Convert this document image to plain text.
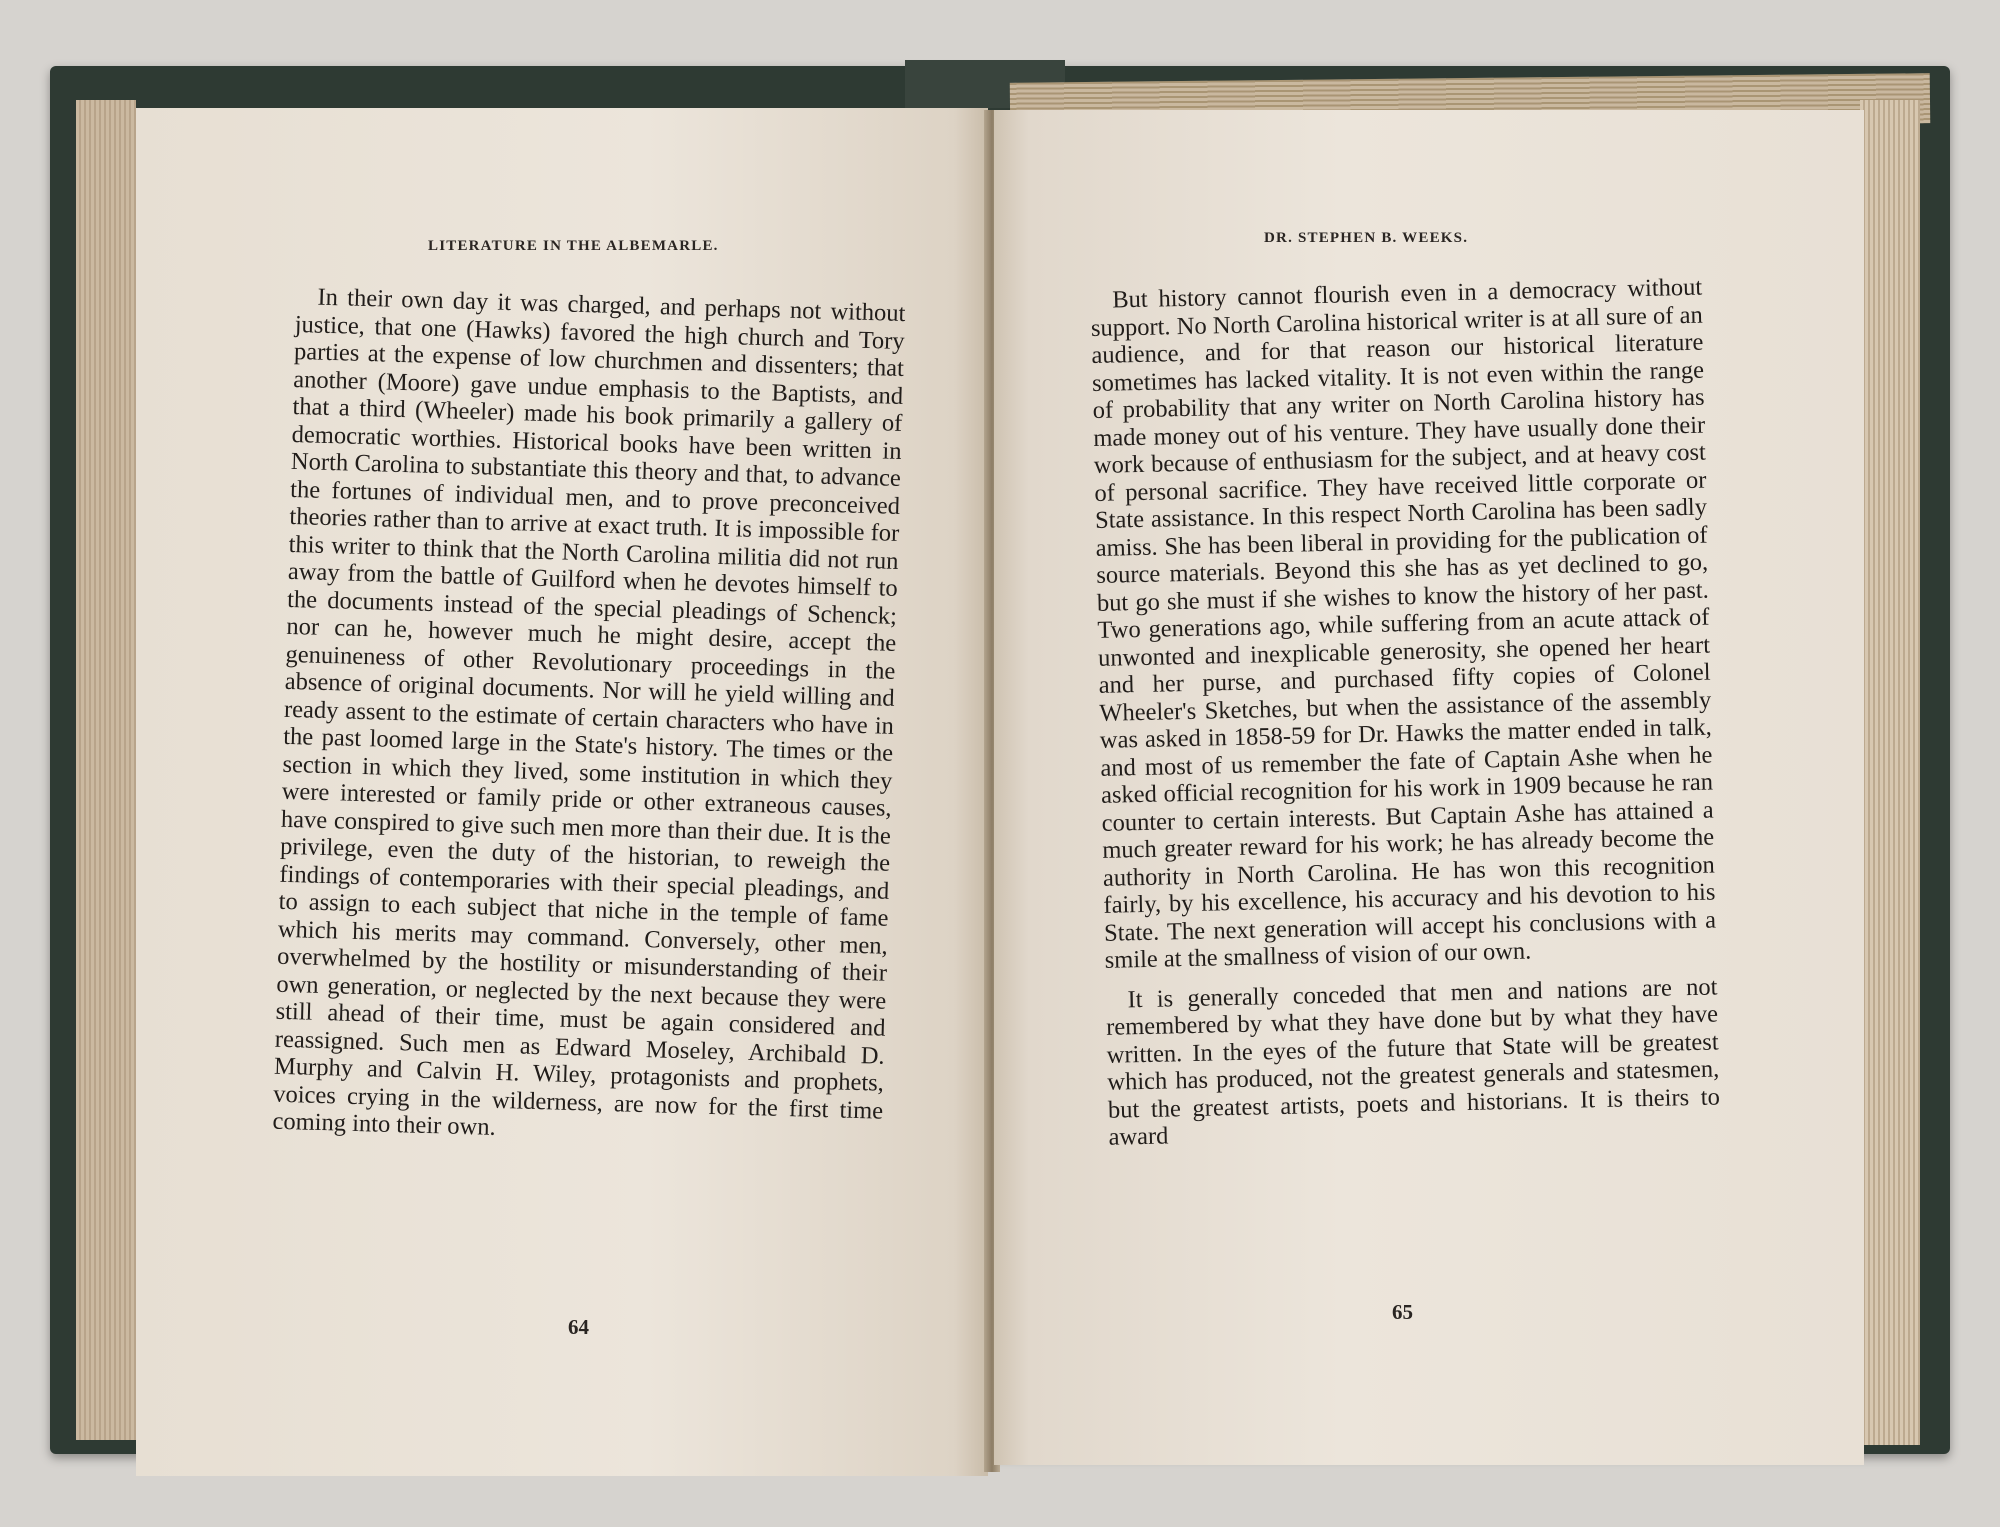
LITERATURE IN THE ALBEMARLE.

In their own day it was charged, and perhaps not without justice, that one (Hawks) favored the high church and Tory parties at the expense of low churchmen and dissenters; that another (Moore) gave undue emphasis to the Baptists, and that a third (Wheeler) made his book primarily a gallery of democratic worthies. Historical books have been written in North Carolina to substantiate this theory and that, to advance the fortunes of individual men, and to prove preconceived theories rather than to arrive at exact truth. It is impossible for this writer to think that the North Carolina militia did not run away from the battle of Guilford when he devotes himself to the documents instead of the special pleadings of Schenck; nor can he, however much he might desire, accept the genuineness of other Revolutionary proceedings in the absence of original documents. Nor will he yield willing and ready assent to the estimate of certain characters who have in the past loomed large in the State's history. The times or the section in which they lived, some institution in which they were interested or family pride or other extraneous causes, have conspired to give such men more than their due. It is the privilege, even the duty of the historian, to reweigh the findings of contemporaries with their special pleadings, and to assign to each subject that niche in the temple of fame which his merits may command. Conversely, other men, overwhelmed by the hostility or misunderstanding of their own generation, or neglected by the next because they were still ahead of their time, must be again considered and reassigned. Such men as Edward Moseley, Archibald D. Murphy and Calvin H. Wiley, protagonists and prophets, voices crying in the wilderness, are now for the first time coming into their own.

64
DR. STEPHEN B. WEEKS.

But history cannot flourish even in a democracy without support. No North Carolina historical writer is at all sure of an audience, and for that reason our historical literature sometimes has lacked vitality. It is not even within the range of probability that any writer on North Carolina history has made money out of his venture. They have usually done their work because of enthusiasm for the subject, and at heavy cost of personal sacrifice. They have received little corporate or State assistance. In this respect North Carolina has been sadly amiss. She has been liberal in providing for the publication of source materials. Beyond this she has as yet declined to go, but go she must if she wishes to know the history of her past. Two generations ago, while suffering from an acute attack of unwonted and inexplicable generosity, she opened her heart and her purse, and purchased fifty copies of Colonel Wheeler's Sketches, but when the assistance of the assembly was asked in 1858-59 for Dr. Hawks the matter ended in talk, and most of us remember the fate of Captain Ashe when he asked official recognition for his work in 1909 because he ran counter to certain interests. But Captain Ashe has attained a much greater reward for his work; he has already become the authority in North Carolina. He has won this recognition fairly, by his excellence, his accuracy and his devotion to his State. The next generation will accept his conclusions with a smile at the smallness of vision of our own.

It is generally conceded that men and nations are not remembered by what they have done but by what they have written. In the eyes of the future that State will be greatest which has produced, not the greatest generals and statesmen, but the greatest artists, poets and historians. It is theirs to award

65
